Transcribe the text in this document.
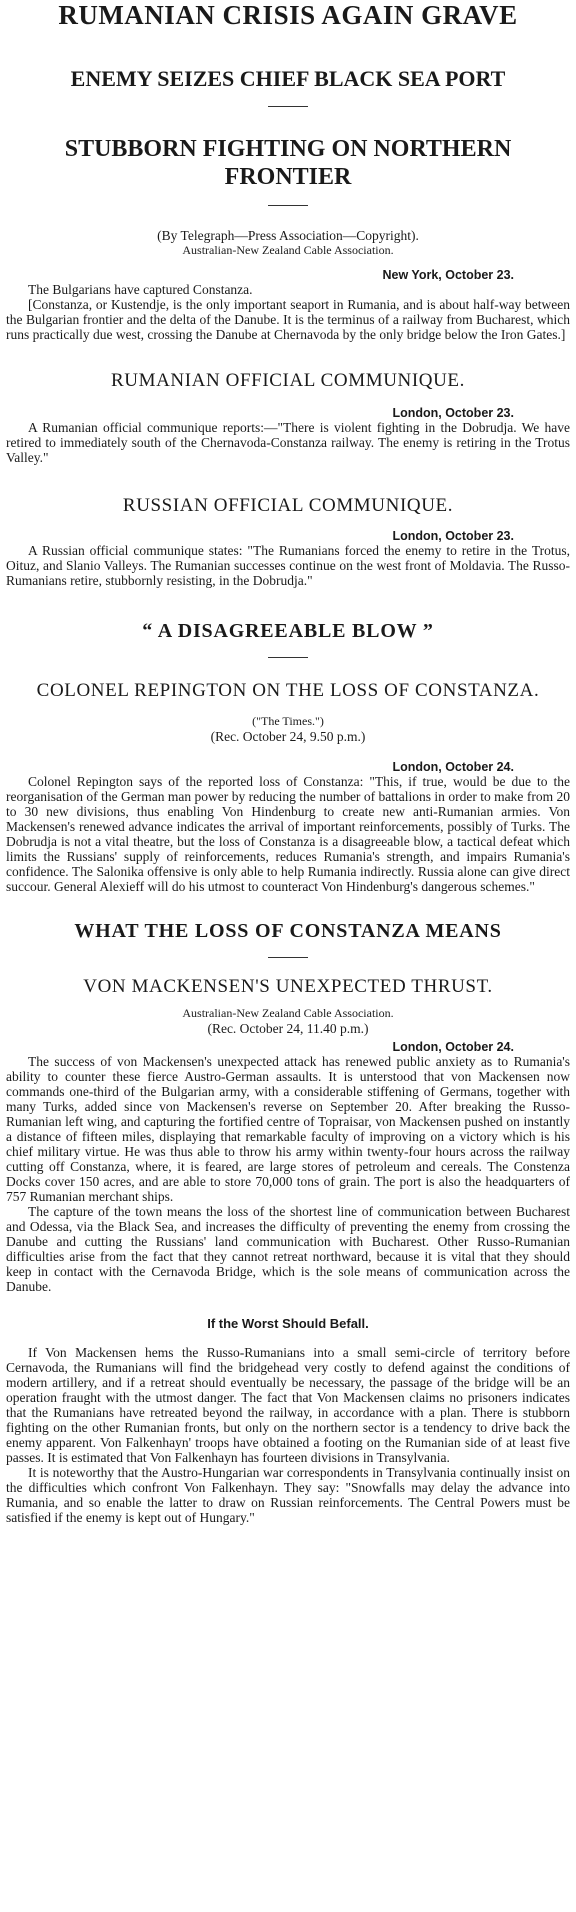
RUMANIAN CRISIS AGAIN GRAVE
ENEMY SEIZES CHIEF BLACK SEA PORT
STUBBORN FIGHTING ON NORTHERN FRONTIER
(By Telegraph—Press Association—Copyright).
Australian-New Zealand Cable Association.
New York, October 23.

The Bulgarians have captured Constanza.

[Constanza, or Kustendje, is the only important seaport in Rumania, and is about half-way between the Bulgarian frontier and the delta of the Danube. It is the terminus of a railway from Bucharest, which runs practically due west, crossing the Danube at Chernavoda by the only bridge below the Iron Gates.]

RUMANIAN OFFICIAL COMMUNIQUE.
London, October 23.

A Rumanian official communique reports:—"There is violent fighting in the Dobrudja. We have retired to immediately south of the Chernavoda-Constanza railway. The enemy is retiring in the Trotus Valley."

RUSSIAN OFFICIAL COMMUNIQUE.
London, October 23.

A Russian official communique states: "The Rumanians forced the enemy to retire in the Trotus, Oituz, and Slanio Valleys. The Rumanian successes continue on the west front of Moldavia. The Russo-Rumanians retire, stubbornly resisting, in the Dobrudja."

“ A DISAGREEABLE BLOW ”
COLONEL REPINGTON ON THE LOSS OF CONSTANZA.
("The Times.")
(Rec. October 24, 9.50 p.m.)
London, October 24.

Colonel Repington says of the reported loss of Constanza: "This, if true, would be due to the reorganisation of the German man power by reducing the number of battalions in order to make from 20 to 30 new divisions, thus enabling Von Hindenburg to create new anti-Rumanian armies. Von Mackensen's renewed advance indicates the arrival of important reinforcements, possibly of Turks. The Dobrudja is not a vital theatre, but the loss of Constanza is a disagreeable blow, a tactical defeat which limits the Russians' supply of reinforcements, reduces Rumania's strength, and impairs Rumania's confidence. The Salonika offensive is only able to help Rumania indirectly. Russia alone can give direct succour. General Alexieff will do his utmost to counteract Von Hindenburg's dangerous schemes."

WHAT THE LOSS OF CONSTANZA MEANS
VON MACKENSEN'S UNEXPECTED THRUST.
Australian-New Zealand Cable Association.
(Rec. October 24, 11.40 p.m.)
London, October 24.

The success of von Mackensen's unexpected attack has renewed public anxiety as to Rumania's ability to counter these fierce Austro-German assaults. It is unterstood that von Mackensen now commands one-third of the Bulgarian army, with a considerable stiffening of Germans, together with many Turks, added since von Mackensen's reverse on September 20. After breaking the Russo-Rumanian left wing, and capturing the fortified centre of Topraisar, von Mackensen pushed on instantly a distance of fifteen miles, displaying that remarkable faculty of improving on a victory which is his chief military virtue. He was thus able to throw his army within twenty-four hours across the railway cutting off Constanza, where, it is feared, are large stores of petroleum and cereals. The Constenza Docks cover 150 acres, and are able to store 70,000 tons of grain. The port is also the headquarters of 757 Rumanian merchant ships.

The capture of the town means the loss of the shortest line of communication between Bucharest and Odessa, via the Black Sea, and increases the difficulty of preventing the enemy from crossing the Danube and cutting the Russians' land communication with Bucharest. Other Russo-Rumanian difficulties arise from the fact that they cannot retreat northward, because it is vital that they should keep in contact with the Cernavoda Bridge, which is the sole means of communication across the Danube.

If the Worst Should Befall.

If Von Mackensen hems the Russo-Rumanians into a small semi-circle of territory before Cernavoda, the Rumanians will find the bridgehead very costly to defend against the conditions of modern artillery, and if a retreat should eventually be necessary, the passage of the bridge will be an operation fraught with the utmost danger. The fact that Von Mackensen claims no prisoners indicates that the Rumanians have retreated beyond the railway, in accordance with a plan. There is stubborn fighting on the other Rumanian fronts, but only on the northern sector is a tendency to drive back the enemy apparent. Von Falkenhayn' troops have obtained a footing on the Rumanian side of at least five passes. It is estimated that Von Falkenhayn has fourteen divisions in Transylvania.

It is noteworthy that the Austro-Hungarian war correspondents in Transylvania continually insist on the difficulties which confront Von Falkenhayn. They say: "Snowfalls may delay the advance into Rumania, and so enable the latter to draw on Russian reinforcements. The Central Powers must be satisfied if the enemy is kept out of Hungary."
